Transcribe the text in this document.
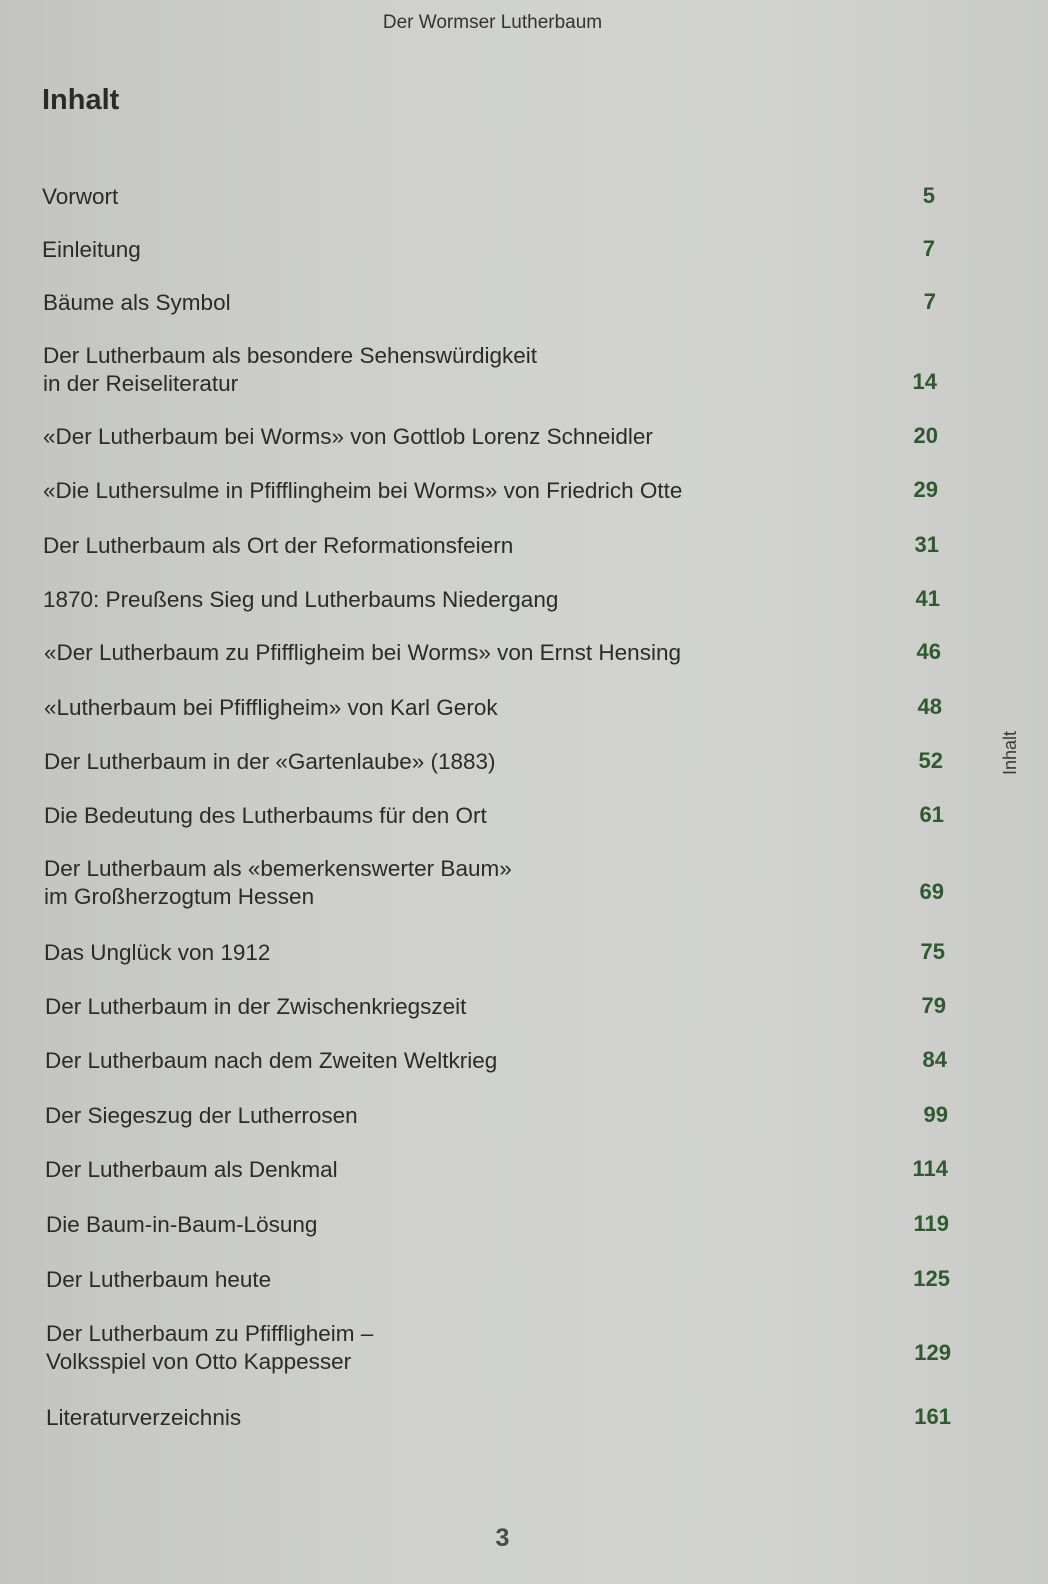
Der Wormser Lutherbaum
Inhalt
Vorwort	5
Einleitung	7
Bäume als Symbol	7
Der Lutherbaum als besondere Sehenswürdigkeit
in der Reiseliteratur	14
«Der Lutherbaum bei Worms» von Gottlob Lorenz Schneidler	20
«Die Luthersulme in Pfifflingheim bei Worms» von Friedrich Otte	29
Der Lutherbaum als Ort der Reformationsfeiern	31
1870: Preußens Sieg und Lutherbaums Niedergang	41
«Der Lutherbaum zu Pfiffligheim bei Worms» von Ernst Hensing	46
«Lutherbaum bei Pfiffligheim» von Karl Gerok	48
Der Lutherbaum in der «Gartenlaube» (1883)	52
Die Bedeutung des Lutherbaums für den Ort	61
Der Lutherbaum als «bemerkenswerter Baum»
im Großherzogtum Hessen	69
Das Unglück von 1912	75
Der Lutherbaum in der Zwischenkriegszeit	79
Der Lutherbaum nach dem Zweiten Weltkrieg	84
Der Siegeszug der Lutherrosen	99
Der Lutherbaum als Denkmal	114
Die Baum-in-Baum-Lösung	119
Der Lutherbaum heute	125
Der Lutherbaum zu Pfiffligheim –
Volksspiel von Otto Kappesser	129
Literaturverzeichnis	161
Inhalt
3
